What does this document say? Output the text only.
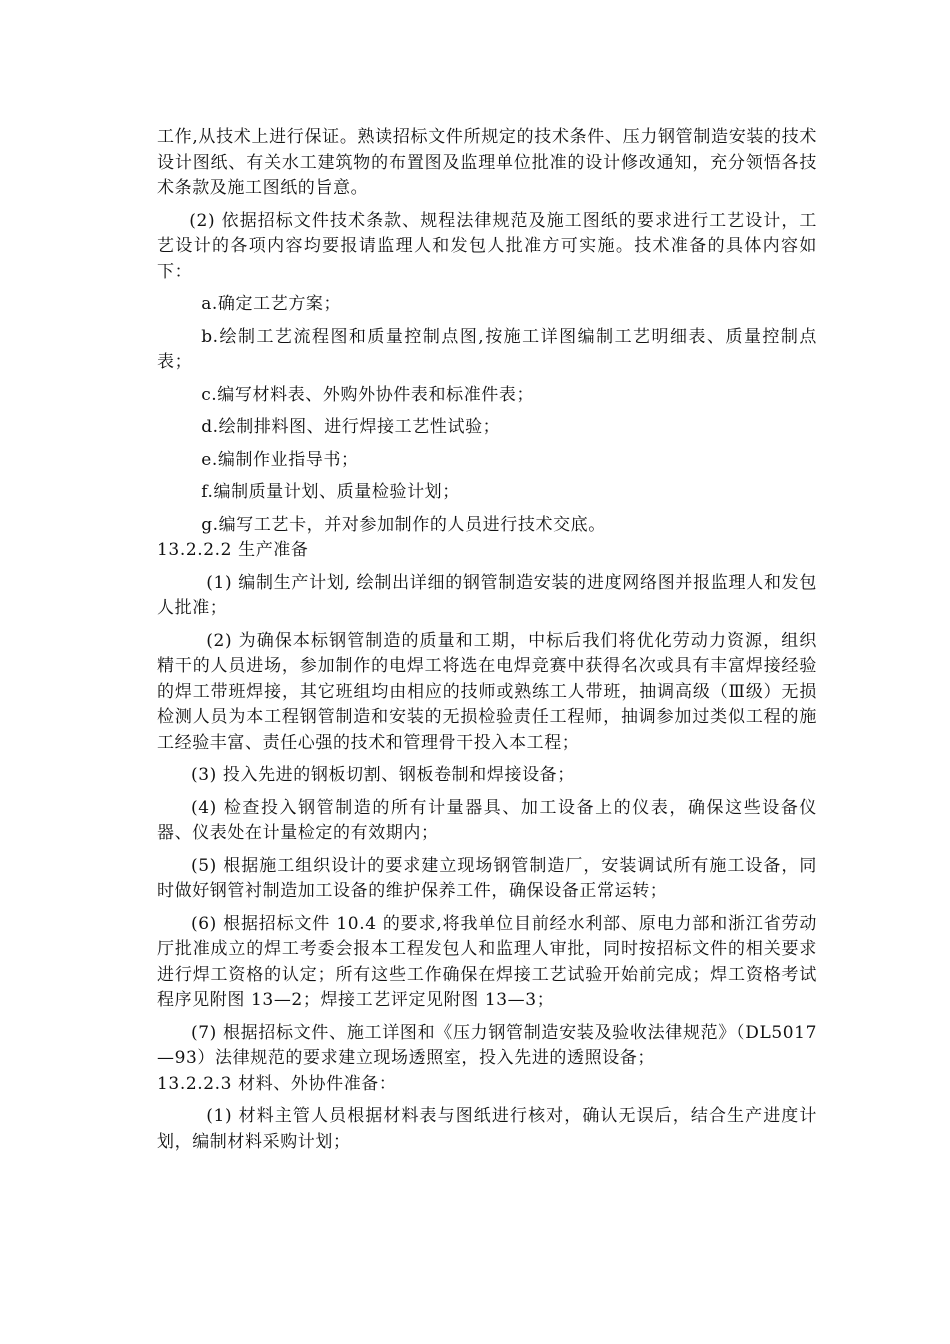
工作,从技术上进行保证。熟读招标文件所规定的技术条件、压力钢管制造安装的技术设计图纸、有关水工建筑物的布置图及监理单位批准的设计修改通知，充分领悟各技术条款及施工图纸的旨意。

(2) 依据招标文件技术条款、规程法律规范及施工图纸的要求进行工艺设计，工艺设计的各项内容均要报请监理人和发包人批准方可实施。技术准备的具体内容如下：

a.确定工艺方案；

b.绘制工艺流程图和质量控制点图,按施工详图编制工艺明细表、质量控制点表；

c.编写材料表、外购外协件表和标准件表；

d.绘制排料图、进行焊接工艺性试验；

e.编制作业指导书；

f.编制质量计划、质量检验计划；

g.编写工艺卡，并对参加制作的人员进行技术交底。

13.2.2.2 生产准备

(1) 编制生产计划, 绘制出详细的钢管制造安装的进度网络图并报监理人和发包人批准；

(2) 为确保本标钢管制造的质量和工期，中标后我们将优化劳动力资源，组织精干的人员进场，参加制作的电焊工将选在电焊竞赛中获得名次或具有丰富焊接经验的焊工带班焊接，其它班组均由相应的技师或熟练工人带班，抽调高级（Ⅲ级）无损检测人员为本工程钢管制造和安装的无损检验责任工程师，抽调参加过类似工程的施工经验丰富、责任心强的技术和管理骨干投入本工程；

(3) 投入先进的钢板切割、钢板卷制和焊接设备；

(4) 检查投入钢管制造的所有计量器具、加工设备上的仪表，确保这些设备仪器、仪表处在计量检定的有效期内；

(5) 根据施工组织设计的要求建立现场钢管制造厂，安装调试所有施工设备，同时做好钢管衬制造加工设备的维护保养工件，确保设备正常运转；

(6) 根据招标文件 10.4 的要求,将我单位目前经水利部、原电力部和浙江省劳动厅批准成立的焊工考委会报本工程发包人和监理人审批，同时按招标文件的相关要求进行焊工资格的认定；所有这些工作确保在焊接工艺试验开始前完成；焊工资格考试程序见附图 13—2；焊接工艺评定见附图 13—3；

(7) 根据招标文件、施工详图和《压力钢管制造安装及验收法律规范》（DL5017—93）法律规范的要求建立现场透照室，投入先进的透照设备；

13.2.2.3 材料、外协件准备：

(1) 材料主管人员根据材料表与图纸进行核对，确认无误后，结合生产进度计划，编制材料采购计划；
